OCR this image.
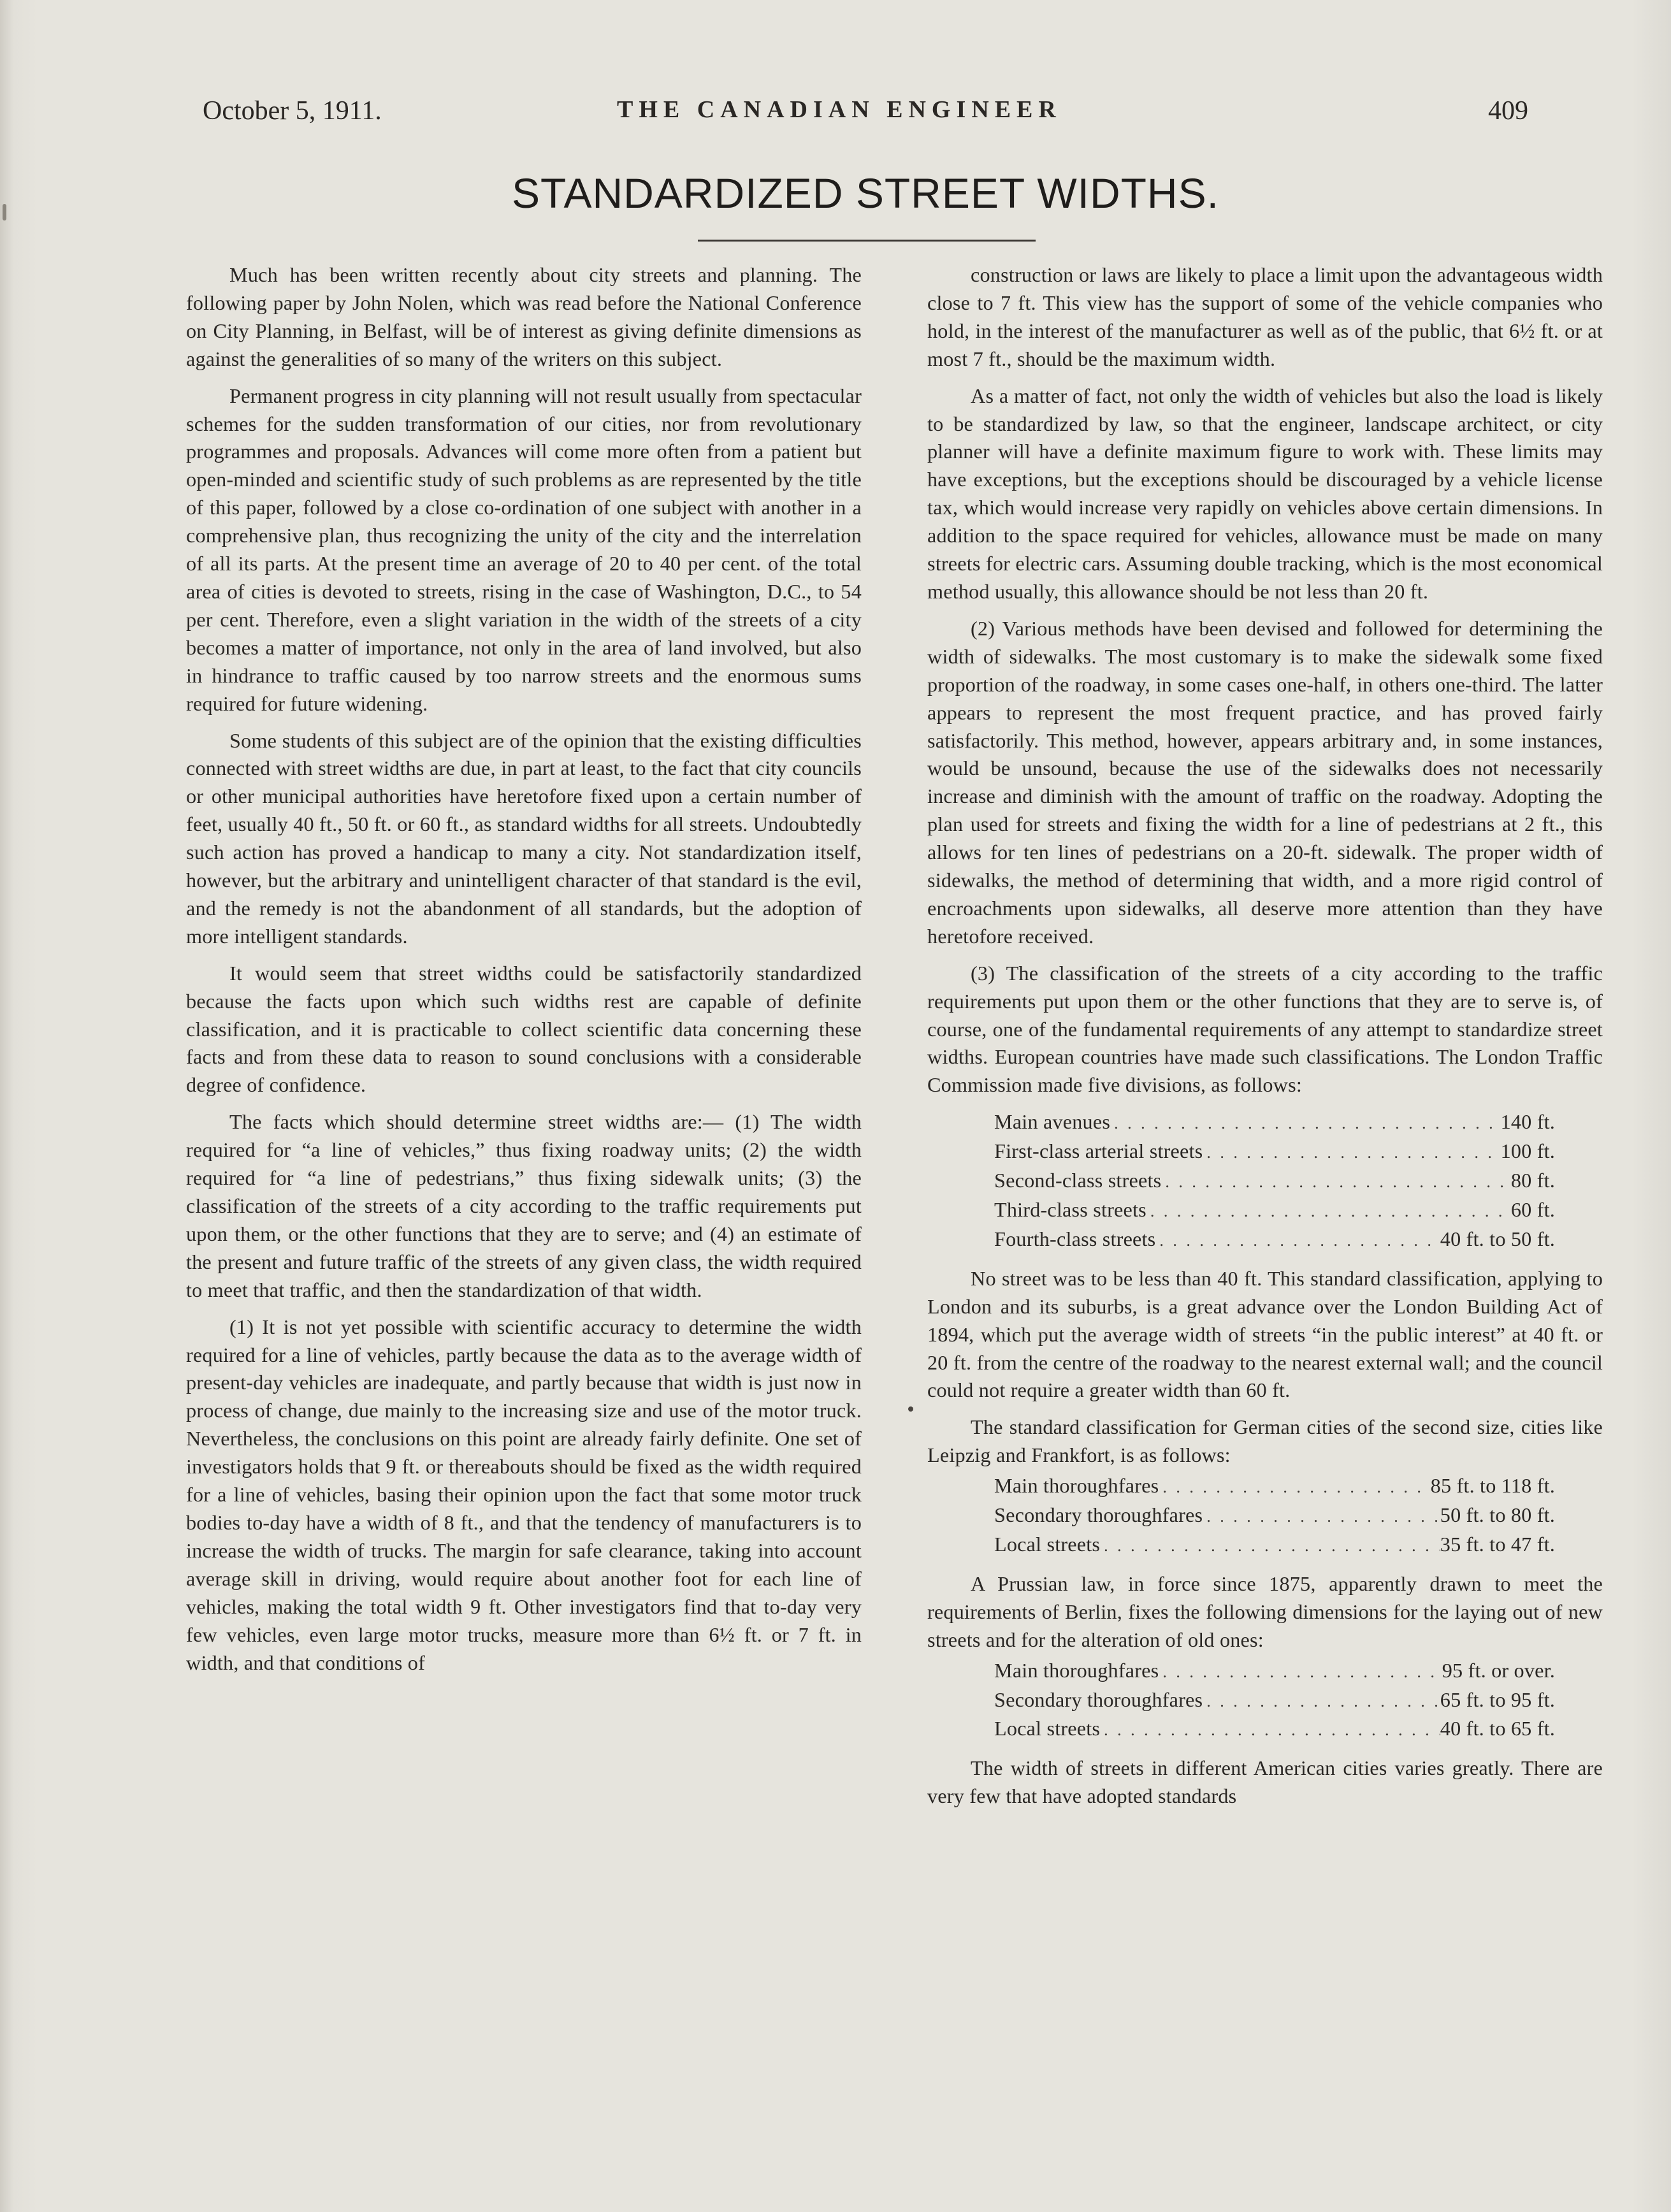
October 5, 1911.	THE CANADIAN ENGINEER	409
STANDARDIZED STREET WIDTHS.

Much has been written recently about city streets and planning. The following paper by John Nolen, which was read before the National Conference on City Planning, in Belfast, will be of interest as giving definite dimensions as against the generalities of so many of the writers on this subject.

Permanent progress in city planning will not result usually from spectacular schemes for the sudden transformation of our cities, nor from revolutionary programmes and proposals. Advances will come more often from a patient but open-minded and scientific study of such problems as are represented by the title of this paper, followed by a close co-ordination of one subject with another in a comprehensive plan, thus recognizing the unity of the city and the interrelation of all its parts. At the present time an average of 20 to 40 per cent. of the total area of cities is devoted to streets, rising in the case of Washington, D.C., to 54 per cent. Therefore, even a slight variation in the width of the streets of a city becomes a matter of importance, not only in the area of land involved, but also in hindrance to traffic caused by too narrow streets and the enormous sums required for future widening.

Some students of this subject are of the opinion that the existing difficulties connected with street widths are due, in part at least, to the fact that city councils or other municipal authorities have heretofore fixed upon a certain number of feet, usually 40 ft., 50 ft. or 60 ft., as standard widths for all streets. Undoubtedly such action has proved a handicap to many a city. Not standardization itself, however, but the arbitrary and unintelligent character of that standard is the evil, and the remedy is not the abandonment of all standards, but the adoption of more intelligent standards.

It would seem that street widths could be satisfactorily standardized because the facts upon which such widths rest are capable of definite classification, and it is practicable to collect scientific data concerning these facts and from these data to reason to sound conclusions with a considerable degree of confidence.

The facts which should determine street widths are:— (1) The width required for “a line of vehicles,” thus fixing roadway units; (2) the width required for “a line of pedestrians,” thus fixing sidewalk units; (3) the classification of the streets of a city according to the traffic requirements put upon them, or the other functions that they are to serve; and (4) an estimate of the present and future traffic of the streets of any given class, the width required to meet that traffic, and then the standardization of that width.

(1) It is not yet possible with scientific accuracy to determine the width required for a line of vehicles, partly because the data as to the average width of present-day vehicles are inadequate, and partly because that width is just now in process of change, due mainly to the increasing size and use of the motor truck. Nevertheless, the conclusions on this point are already fairly definite. One set of investigators holds that 9 ft. or thereabouts should be fixed as the width required for a line of vehicles, basing their opinion upon the fact that some motor truck bodies to-day have a width of 8 ft., and that the tendency of manufacturers is to increase the width of trucks. The margin for safe clearance, taking into account average skill in driving, would require about another foot for each line of vehicles, making the total width 9 ft. Other investigators find that to-day very few vehicles, even large motor trucks, measure more than 6½ ft. or 7 ft. in width, and that conditions of

construction or laws are likely to place a limit upon the advantageous width close to 7 ft. This view has the support of some of the vehicle companies who hold, in the interest of the manufacturer as well as of the public, that 6½ ft. or at most 7 ft., should be the maximum width.

As a matter of fact, not only the width of vehicles but also the load is likely to be standardized by law, so that the engineer, landscape architect, or city planner will have a definite maximum figure to work with. These limits may have exceptions, but the exceptions should be discouraged by a vehicle license tax, which would increase very rapidly on vehicles above certain dimensions. In addition to the space required for vehicles, allowance must be made on many streets for electric cars. Assuming double tracking, which is the most economical method usually, this allowance should be not less than 20 ft.

(2) Various methods have been devised and followed for determining the width of sidewalks. The most customary is to make the sidewalk some fixed proportion of the roadway, in some cases one-half, in others one-third. The latter appears to represent the most frequent practice, and has proved fairly satisfactorily. This method, however, appears arbitrary and, in some instances, would be unsound, because the use of the sidewalks does not necessarily increase and diminish with the amount of traffic on the roadway. Adopting the plan used for streets and fixing the width for a line of pedestrians at 2 ft., this allows for ten lines of pedestrians on a 20-ft. sidewalk. The proper width of sidewalks, the method of determining that width, and a more rigid control of encroachments upon sidewalks, all deserve more attention than they have heretofore received.

(3) The classification of the streets of a city according to the traffic requirements put upon them or the other functions that they are to serve is, of course, one of the fundamental requirements of any attempt to standardize street widths. European countries have made such classifications. The London Traffic Commission made five divisions, as follows:

Main avenues . . .	140 ft.
First-class arterial streets . . .	100 ft.
Second-class streets . . .	80 ft.
Third-class streets . . .	60 ft.
Fourth-class streets . . .	40 ft. to 50 ft.

No street was to be less than 40 ft. This standard classification, applying to London and its suburbs, is a great advance over the London Building Act of 1894, which put the average width of streets “in the public interest” at 40 ft. or 20 ft. from the centre of the roadway to the nearest external wall; and the council could not require a greater width than 60 ft.

The standard classification for German cities of the second size, cities like Leipzig and Frankfort, is as follows:

Main thoroughfares . . .	85 ft. to 118 ft.
Secondary thoroughfares . . .	50 ft. to 80 ft.
Local streets . . .	35 ft. to 47 ft.

A Prussian law, in force since 1875, apparently drawn to meet the requirements of Berlin, fixes the following dimensions for the laying out of new streets and for the alteration of old ones:

Main thoroughfares . . .	95 ft. or over.
Secondary thoroughfares . . .	65 ft. to 95 ft.
Local streets . . .	40 ft. to 65 ft.

The width of streets in different American cities varies greatly. There are very few that have adopted standards
